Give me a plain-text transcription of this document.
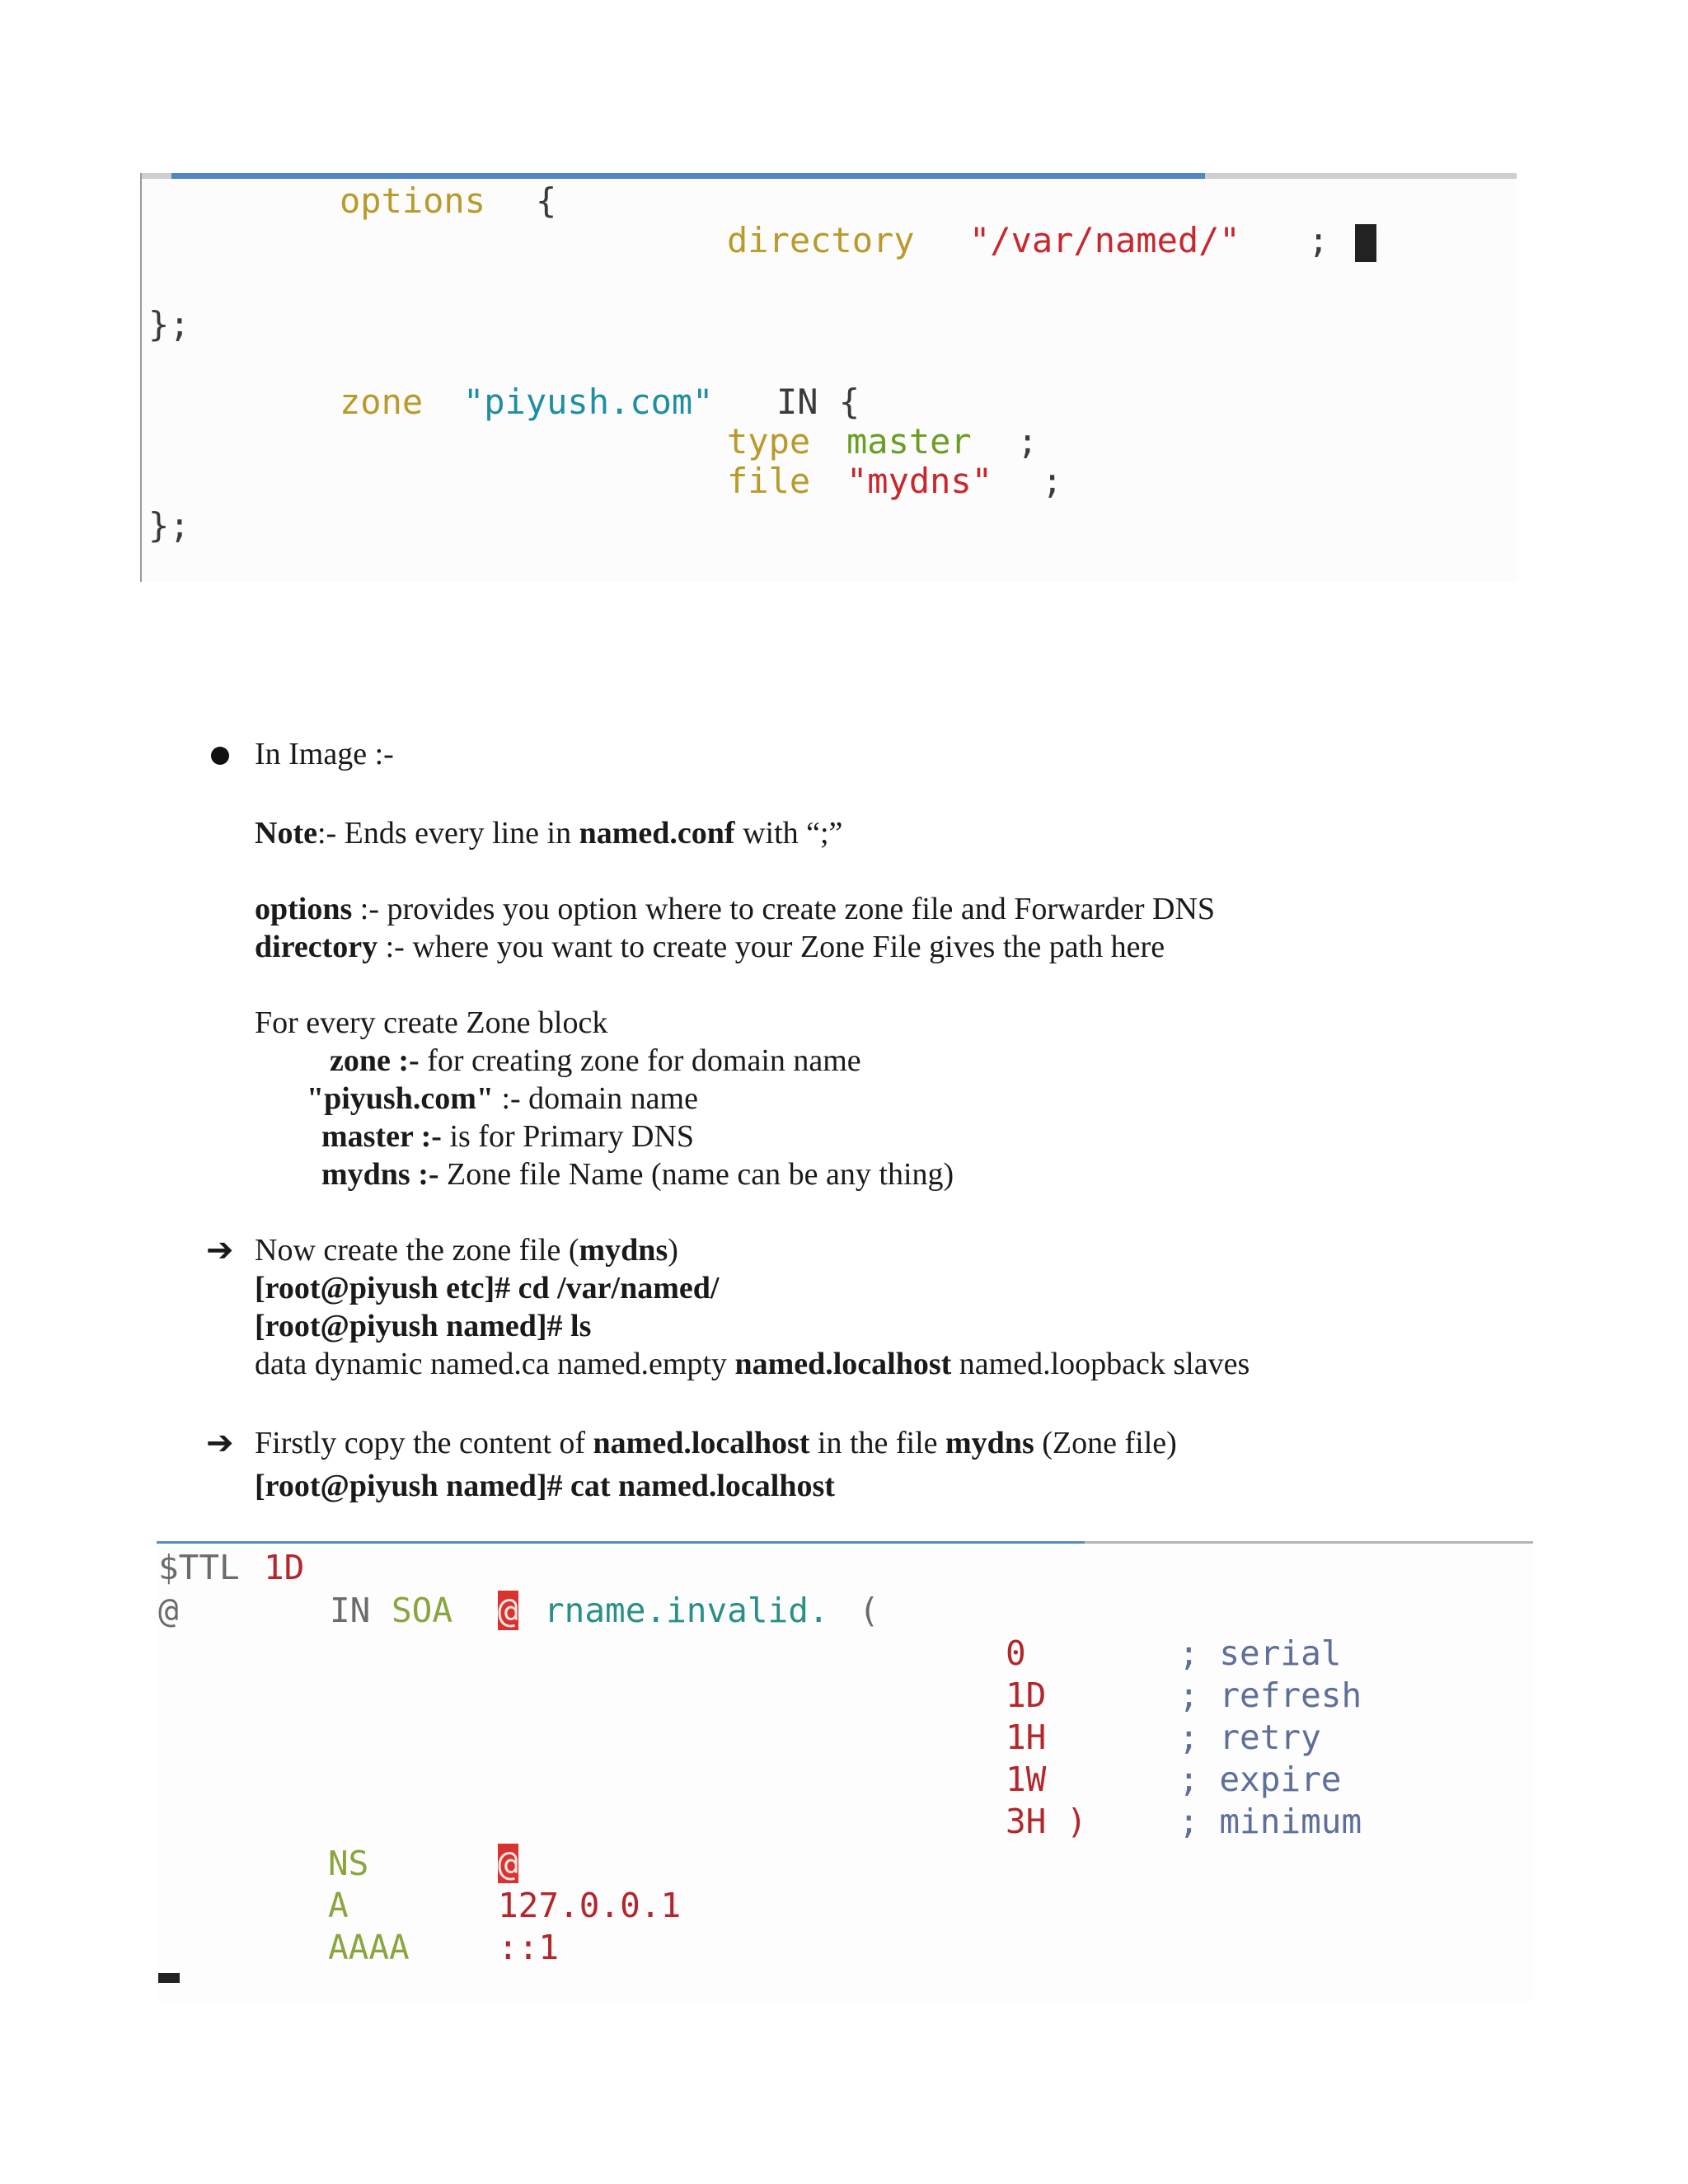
options {
directory "/var/named/" ;
};
zone "piyush.com" IN {
type master ;
file "mydns" ;
};
In Image :-
Note:- Ends every line in named.conf with “;”
options :- provides you option where to create zone file and Forwarder DNS
directory :- where you want to create your Zone File gives the path here
For every create Zone block
zone :- for creating zone for domain name
"piyush.com" :- domain name
master :- is for Primary DNS
mydns :- Zone file Name (name can be any thing)
➔ Now create the zone file (mydns)
[root@piyush etc]# cd /var/named/
[root@piyush named]# ls
data dynamic named.ca named.empty named.localhost named.loopback slaves
➔ Firstly copy the content of named.localhost in the file mydns (Zone file)
[root@piyush named]# cat named.localhost
$TTL 1D
@	IN SOA @ rname.invalid. (
0	; serial
1D	; refresh
1H	; retry
1W	; expire
3H )	; minimum
NS	@
A	127.0.0.1
AAAA	::1
